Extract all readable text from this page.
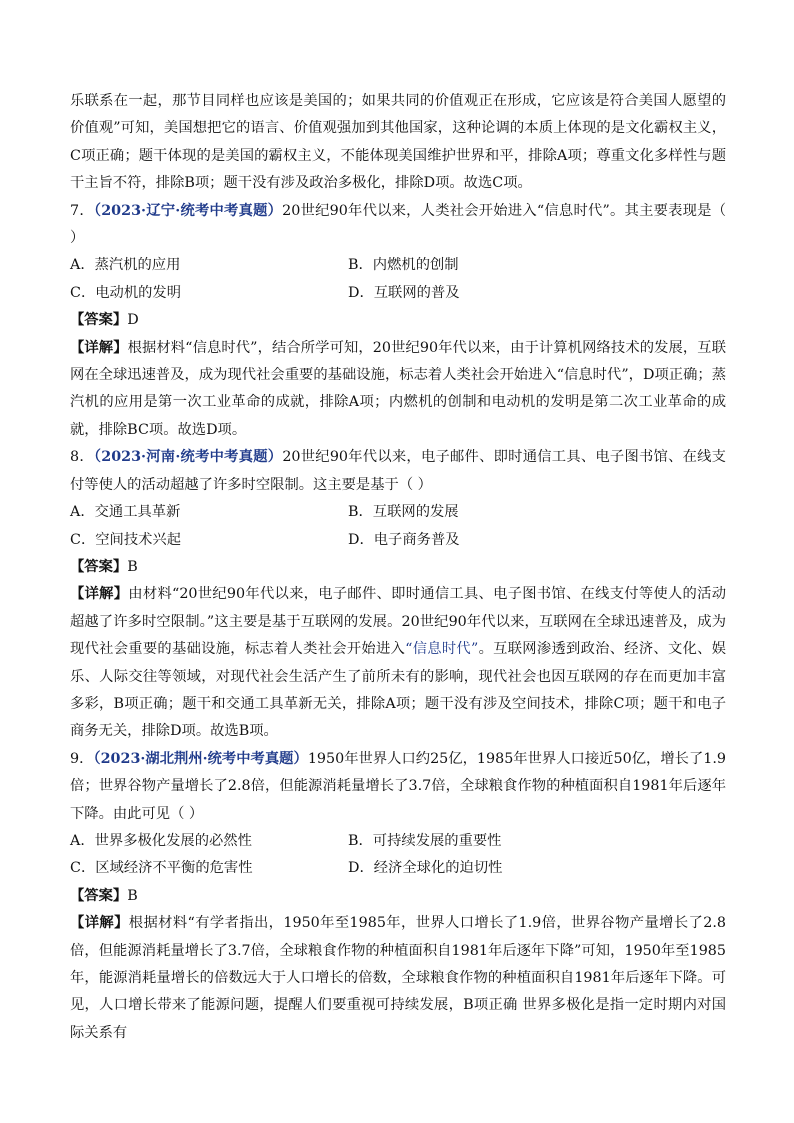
乐联系在一起，那节目同样也应该是美国的；如果共同的价值观正在形成，它应该是符合美国人愿望的价值观”可知，美国想把它的语言、价值观强加到其他国家，这种论调的本质上体现的是文化霸权主义，C项正确；题干体现的是美国的霸权主义，不能体现美国维护世界和平，排除A项；尊重文化多样性与题干主旨不符，排除B项；题干没有涉及政治多极化，排除D项。故选C项。

7．（2023·辽宁·统考中考真题）20世纪90年代以来，人类社会开始进入“信息时代”。其主要表现是（ ）

A．蒸汽机的应用	B．内燃机的创制
C．电动机的发明	D．互联网的普及

【答案】D

【详解】根据材料“信息时代”，结合所学可知，20世纪90年代以来，由于计算机网络技术的发展，互联网在全球迅速普及，成为现代社会重要的基础设施，标志着人类社会开始进入“信息时代”，D项正确；蒸汽机的应用是第一次工业革命的成就，排除A项；内燃机的创制和电动机的发明是第二次工业革命的成就，排除BC项。故选D项。

8．（2023·河南·统考中考真题）20世纪90年代以来，电子邮件、即时通信工具、电子图书馆、在线支付等使人的活动超越了许多时空限制。这主要是基于（ ）

A．交通工具革新	B．互联网的发展
C．空间技术兴起	D．电子商务普及

【答案】B

【详解】由材料“20世纪90年代以来，电子邮件、即时通信工具、电子图书馆、在线支付等使人的活动超越了许多时空限制。”这主要是基于互联网的发展。20世纪90年代以来，互联网在全球迅速普及，成为现代社会重要的基础设施，标志着人类社会开始进入“信息时代”。互联网渗透到政治、经济、文化、娱乐、人际交往等领域，对现代社会生活产生了前所未有的影响，现代社会也因互联网的存在而更加丰富多彩，B项正确；题干和交通工具革新无关，排除A项；题干没有涉及空间技术，排除C项；题干和电子商务无关，排除D项。故选B项。

9．（2023·湖北荆州·统考中考真题）1950年世界人口约25亿，1985年世界人口接近50亿，增长了1.9倍；世界谷物产量增长了2.8倍，但能源消耗量增长了3.7倍，全球粮食作物的种植面积自1981年后逐年下降。由此可见（ ）

A．世界多极化发展的必然性	B．可持续发展的重要性
C．区域经济不平衡的危害性	D．经济全球化的迫切性

【答案】B

【详解】根据材料“有学者指出，1950年至1985年，世界人口增长了1.9倍，世界谷物产量增长了2.8倍，但能源消耗量增长了3.7倍，全球粮食作物的种植面积自1981年后逐年下降”可知，1950年至1985年，能源消耗量增长的倍数远大于人口增长的倍数，全球粮食作物的种植面积自1981年后逐年下降。可见，人口增长带来了能源问题，提醒人们要重视可持续发展，B项正确 世界多极化是指一定时期内对国际关系有
